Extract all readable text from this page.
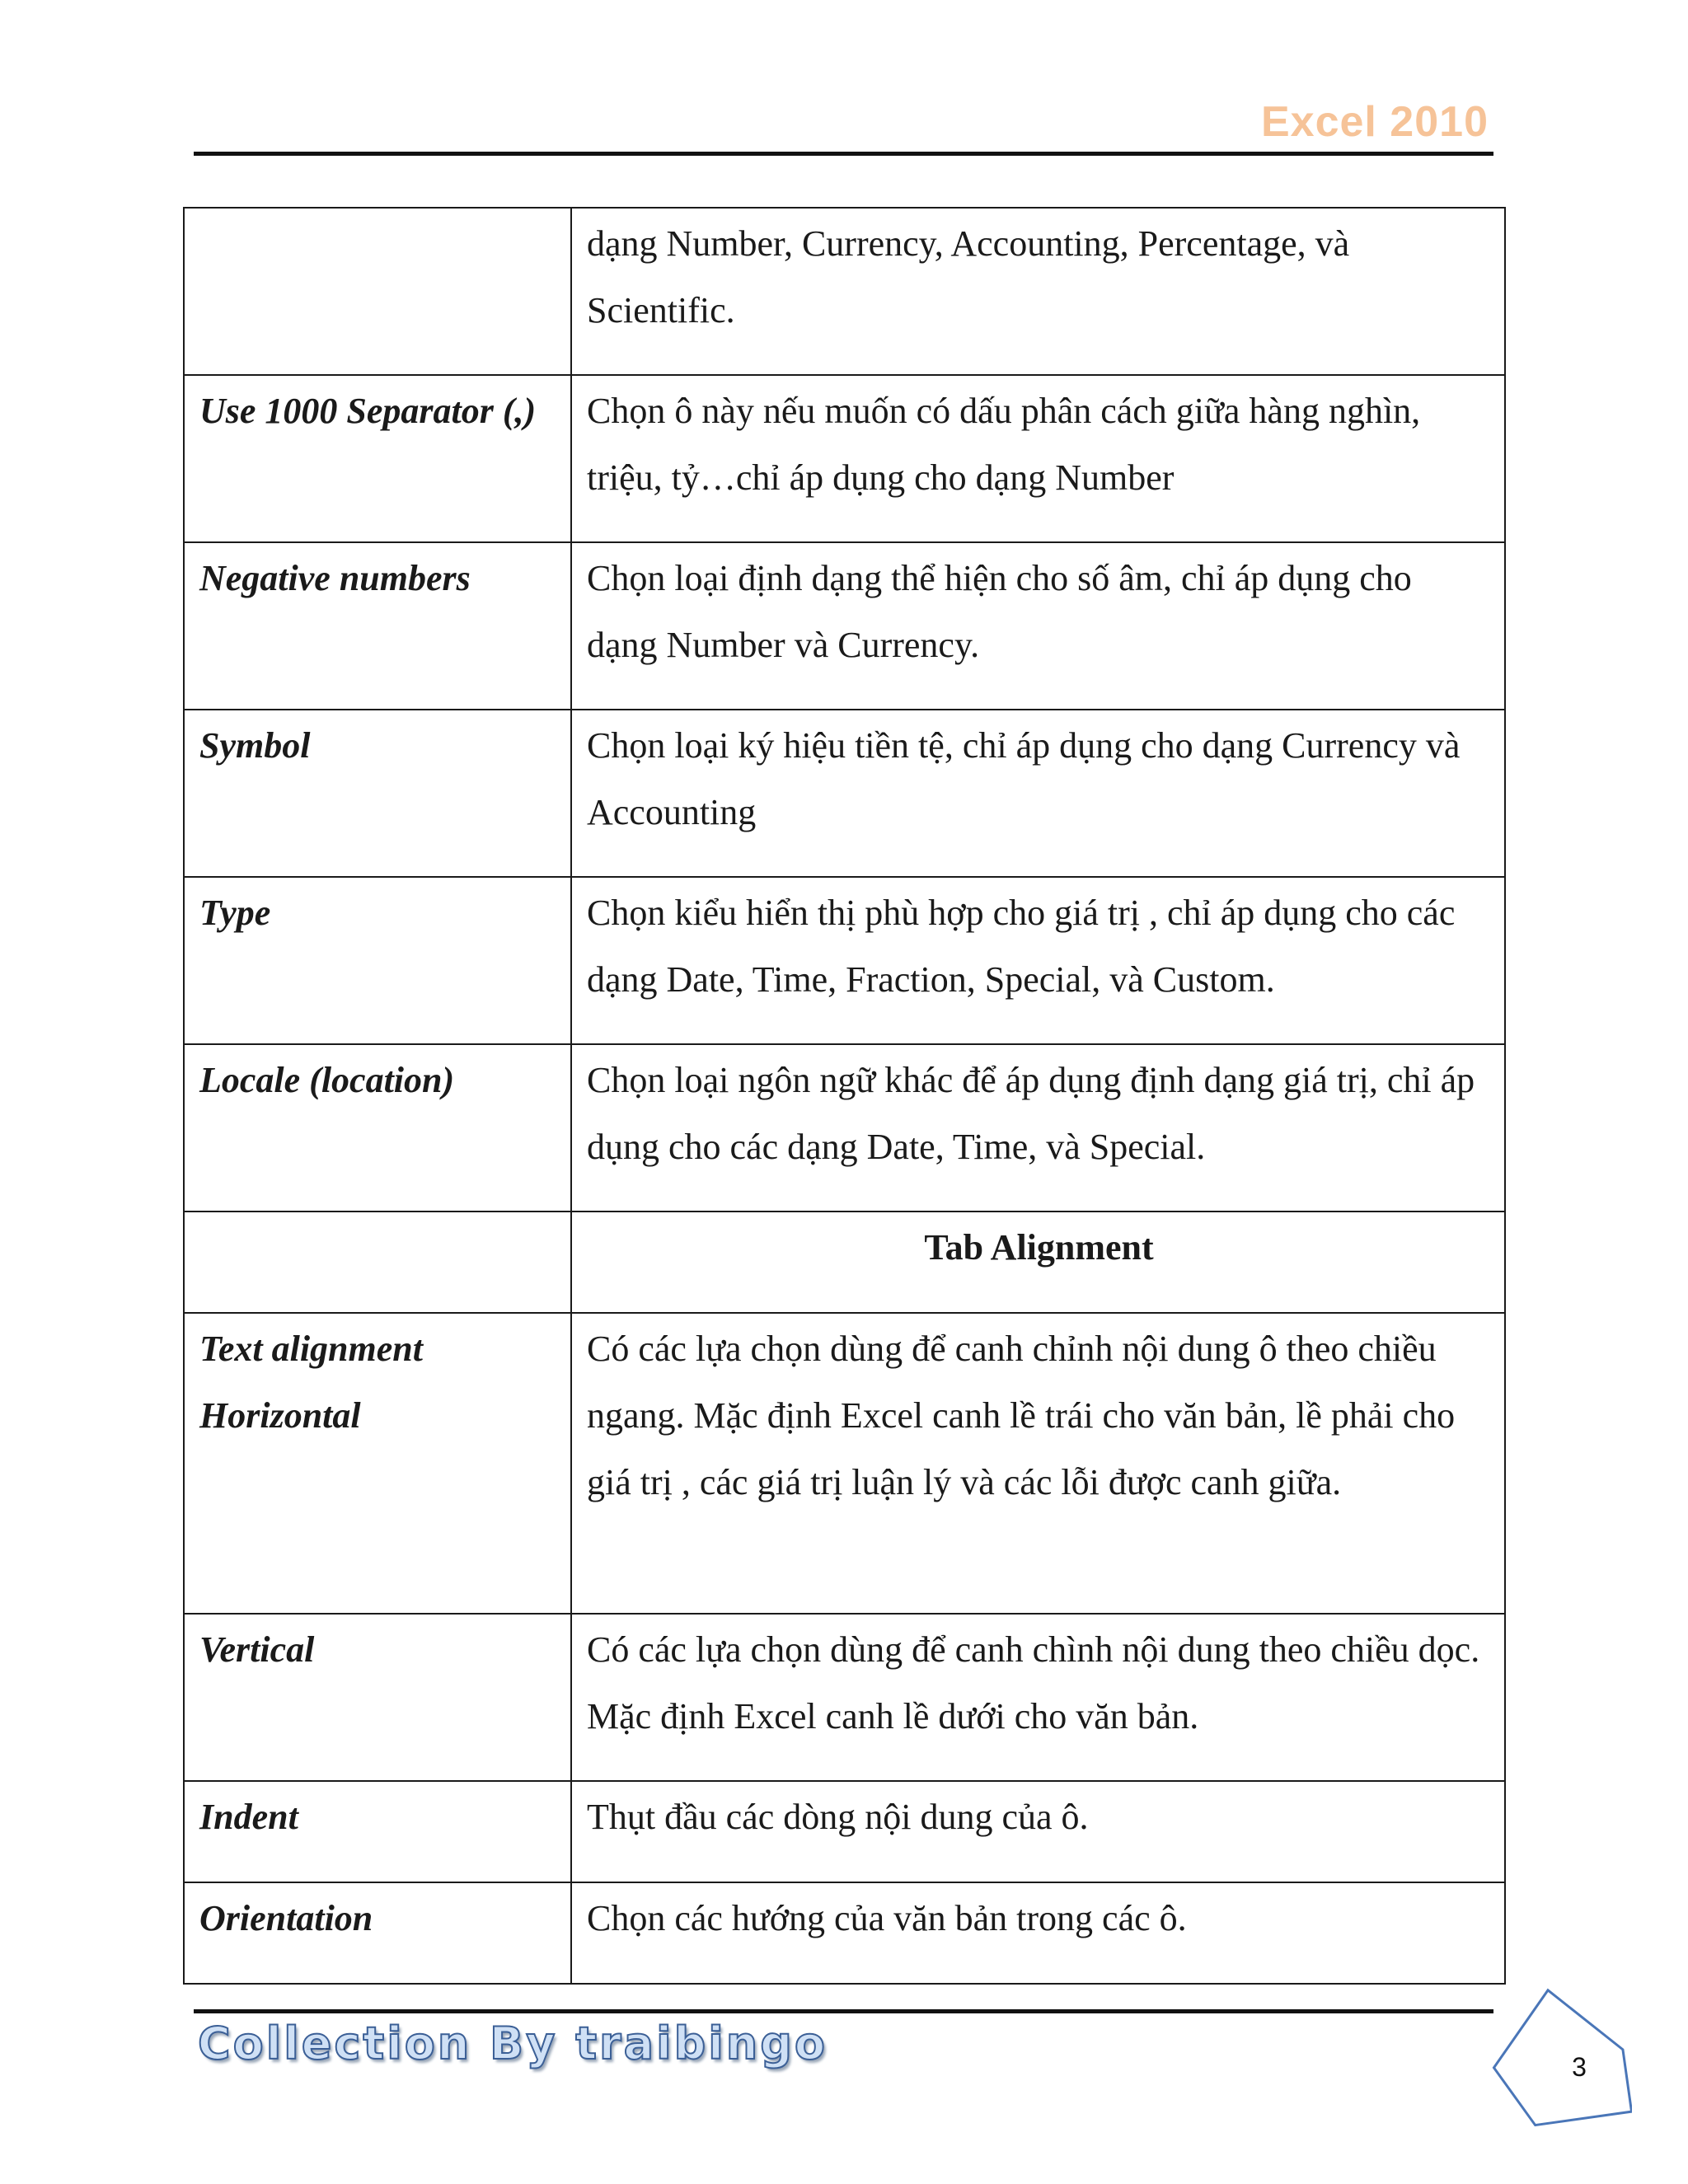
Excel 2010
	dạng Number, Currency, Accounting, Percentage, và Scientific.
Use 1000 Separator (,)	Chọn ô này nếu muốn có dấu phân cách giữa hàng nghìn, triệu, tỷ…chỉ áp dụng cho dạng Number
Negative numbers	Chọn loại định dạng thể hiện cho số âm, chỉ áp dụng cho dạng Number và Currency.
Symbol	Chọn loại ký hiệu tiền tệ, chỉ áp dụng cho dạng Currency và Accounting
Type	Chọn kiểu hiển thị phù hợp cho giá trị , chỉ áp dụng cho các dạng Date, Time, Fraction, Special, và Custom.
Locale (location)	Chọn loại ngôn ngữ khác để áp dụng định dạng giá trị, chỉ áp dụng cho các dạng Date, Time, và Special.
	Tab Alignment
Text alignment Horizontal	Có các lựa chọn dùng để canh chỉnh nội dung ô theo chiều ngang. Mặc định Excel canh lề trái cho văn bản, lề phải cho giá trị , các giá trị luận lý và các lỗi được canh giữa.
Vertical	Có các lựa chọn dùng để canh chình nội dung theo chiều dọc. Mặc định Excel canh lề dưới cho văn bản.
Indent	Thụt đầu các dòng nội dung của ô.
Orientation	Chọn các hướng của văn bản trong các ô.
Collection By traibingo	3
